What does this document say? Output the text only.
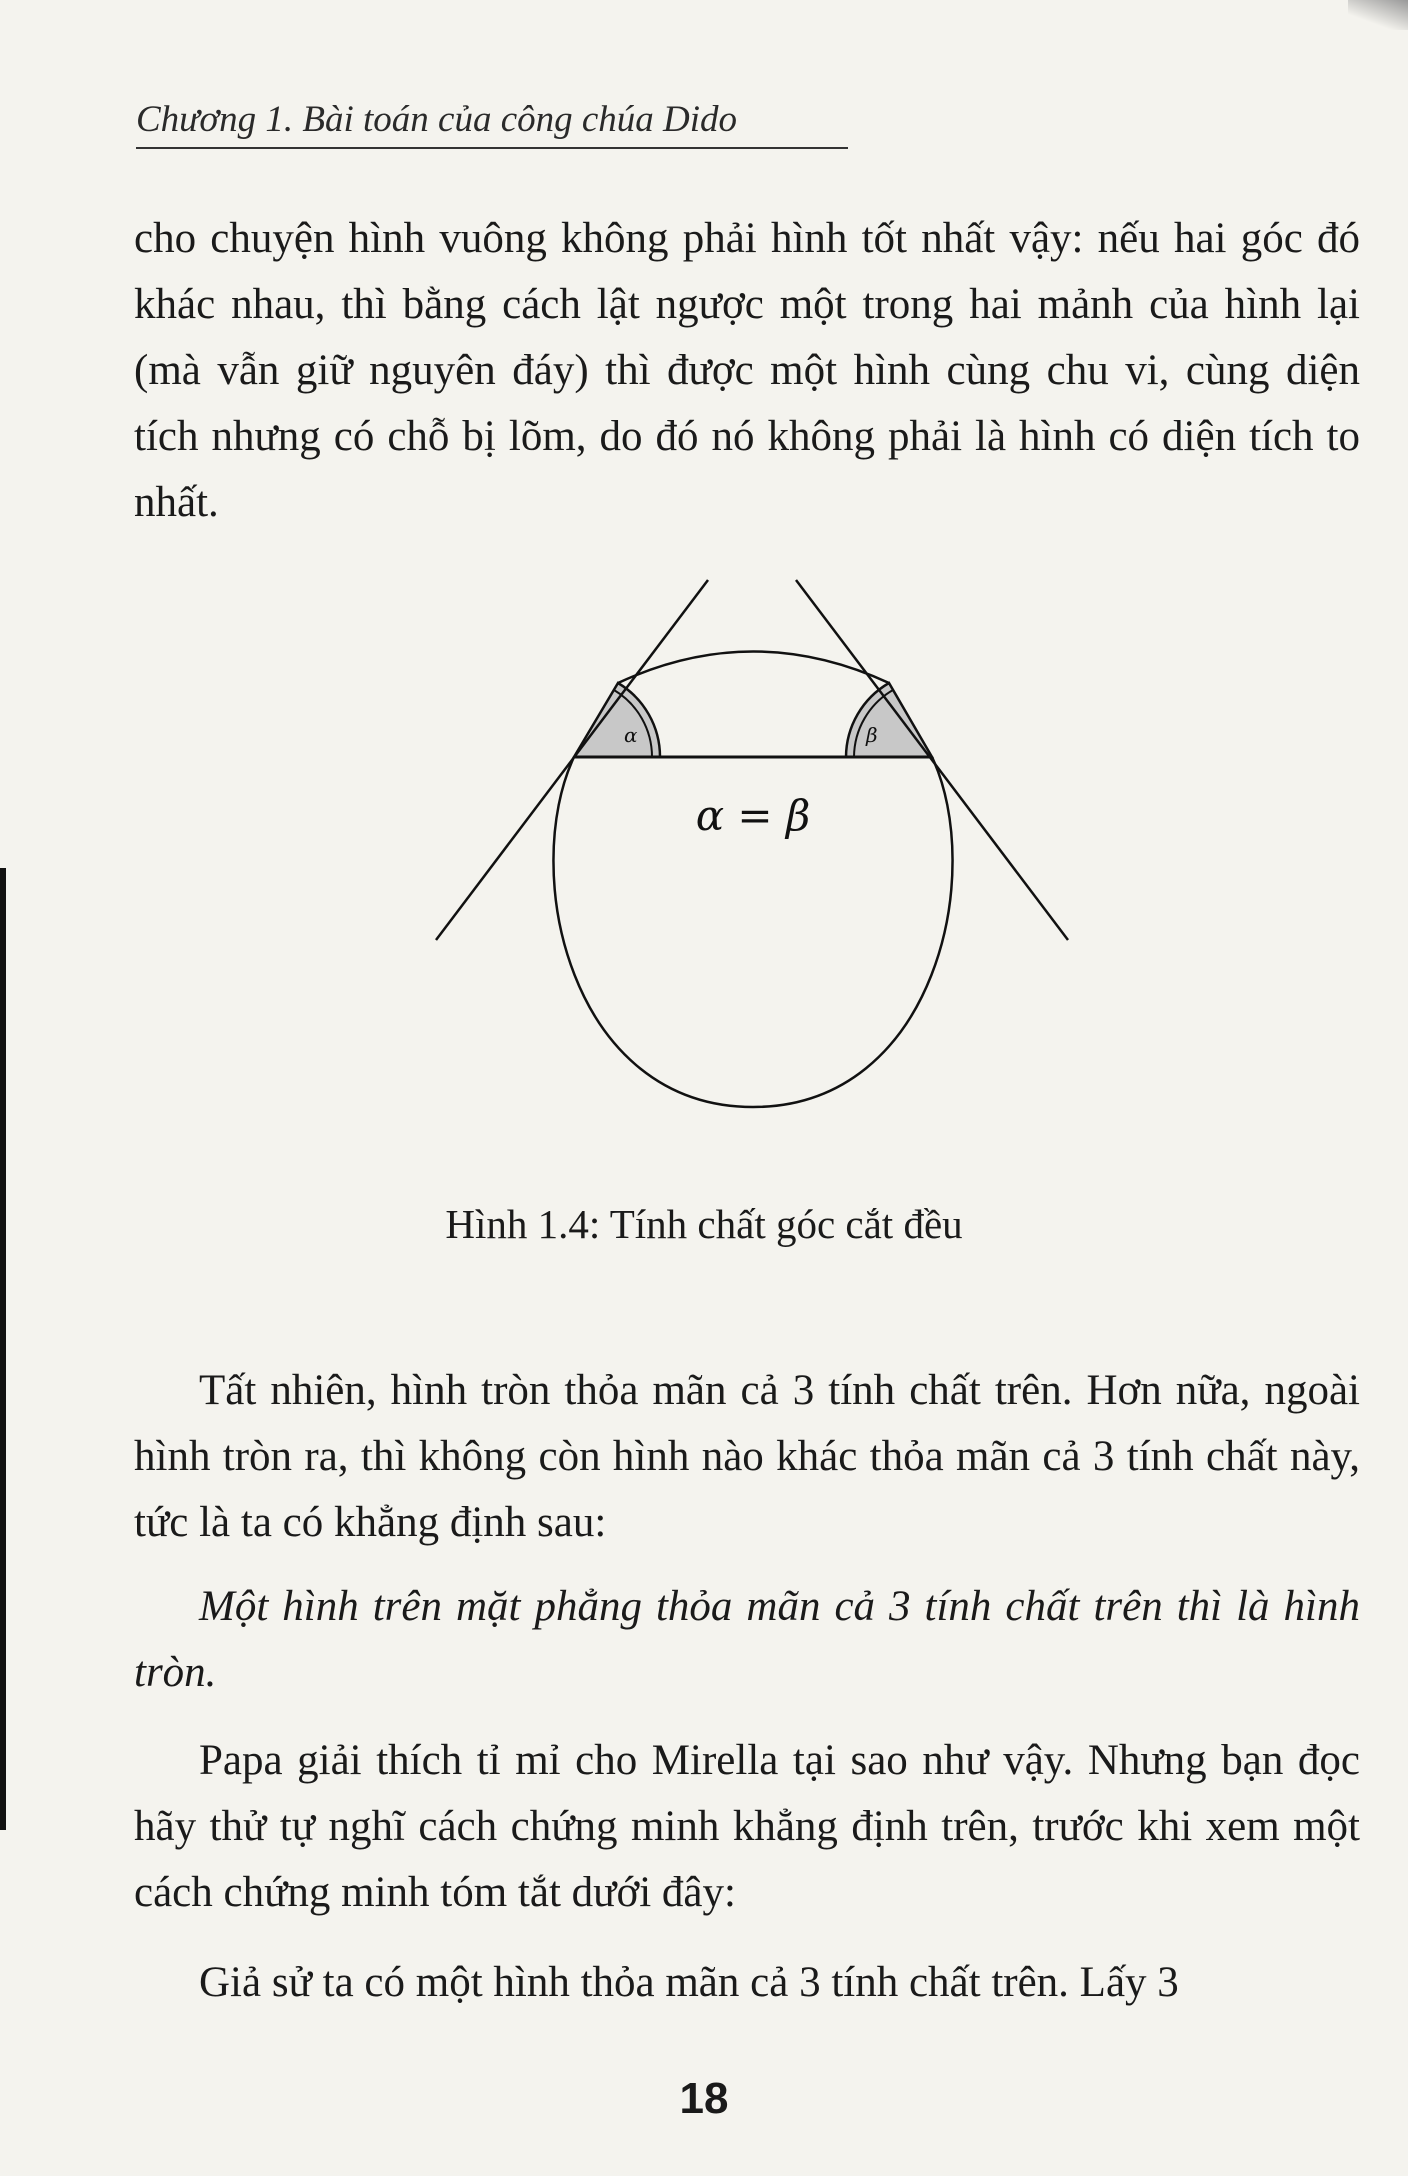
Chương 1. Bài toán của công chúa Dido

cho chuyện hình vuông không phải hình tốt nhất vậy: nếu hai góc đó khác nhau, thì bằng cách lật ngược một trong hai mảnh của hình lại (mà vẫn giữ nguyên đáy) thì được một hình cùng chu vi, cùng diện tích nhưng có chỗ bị lõm, do đó nó không phải là hình có diện tích to nhất.

α	β
α = β
Hình 1.4: Tính chất góc cắt đều

Tất nhiên, hình tròn thỏa mãn cả 3 tính chất trên. Hơn nữa, ngoài hình tròn ra, thì không còn hình nào khác thỏa mãn cả 3 tính chất này, tức là ta có khẳng định sau:

Một hình trên mặt phẳng thỏa mãn cả 3 tính chất trên thì là hình tròn.

Papa giải thích tỉ mỉ cho Mirella tại sao như vậy. Nhưng bạn đọc hãy thử tự nghĩ cách chứng minh khẳng định trên, trước khi xem một cách chứng minh tóm tắt dưới đây:

Giả sử ta có một hình thỏa mãn cả 3 tính chất trên. Lấy 3

18
